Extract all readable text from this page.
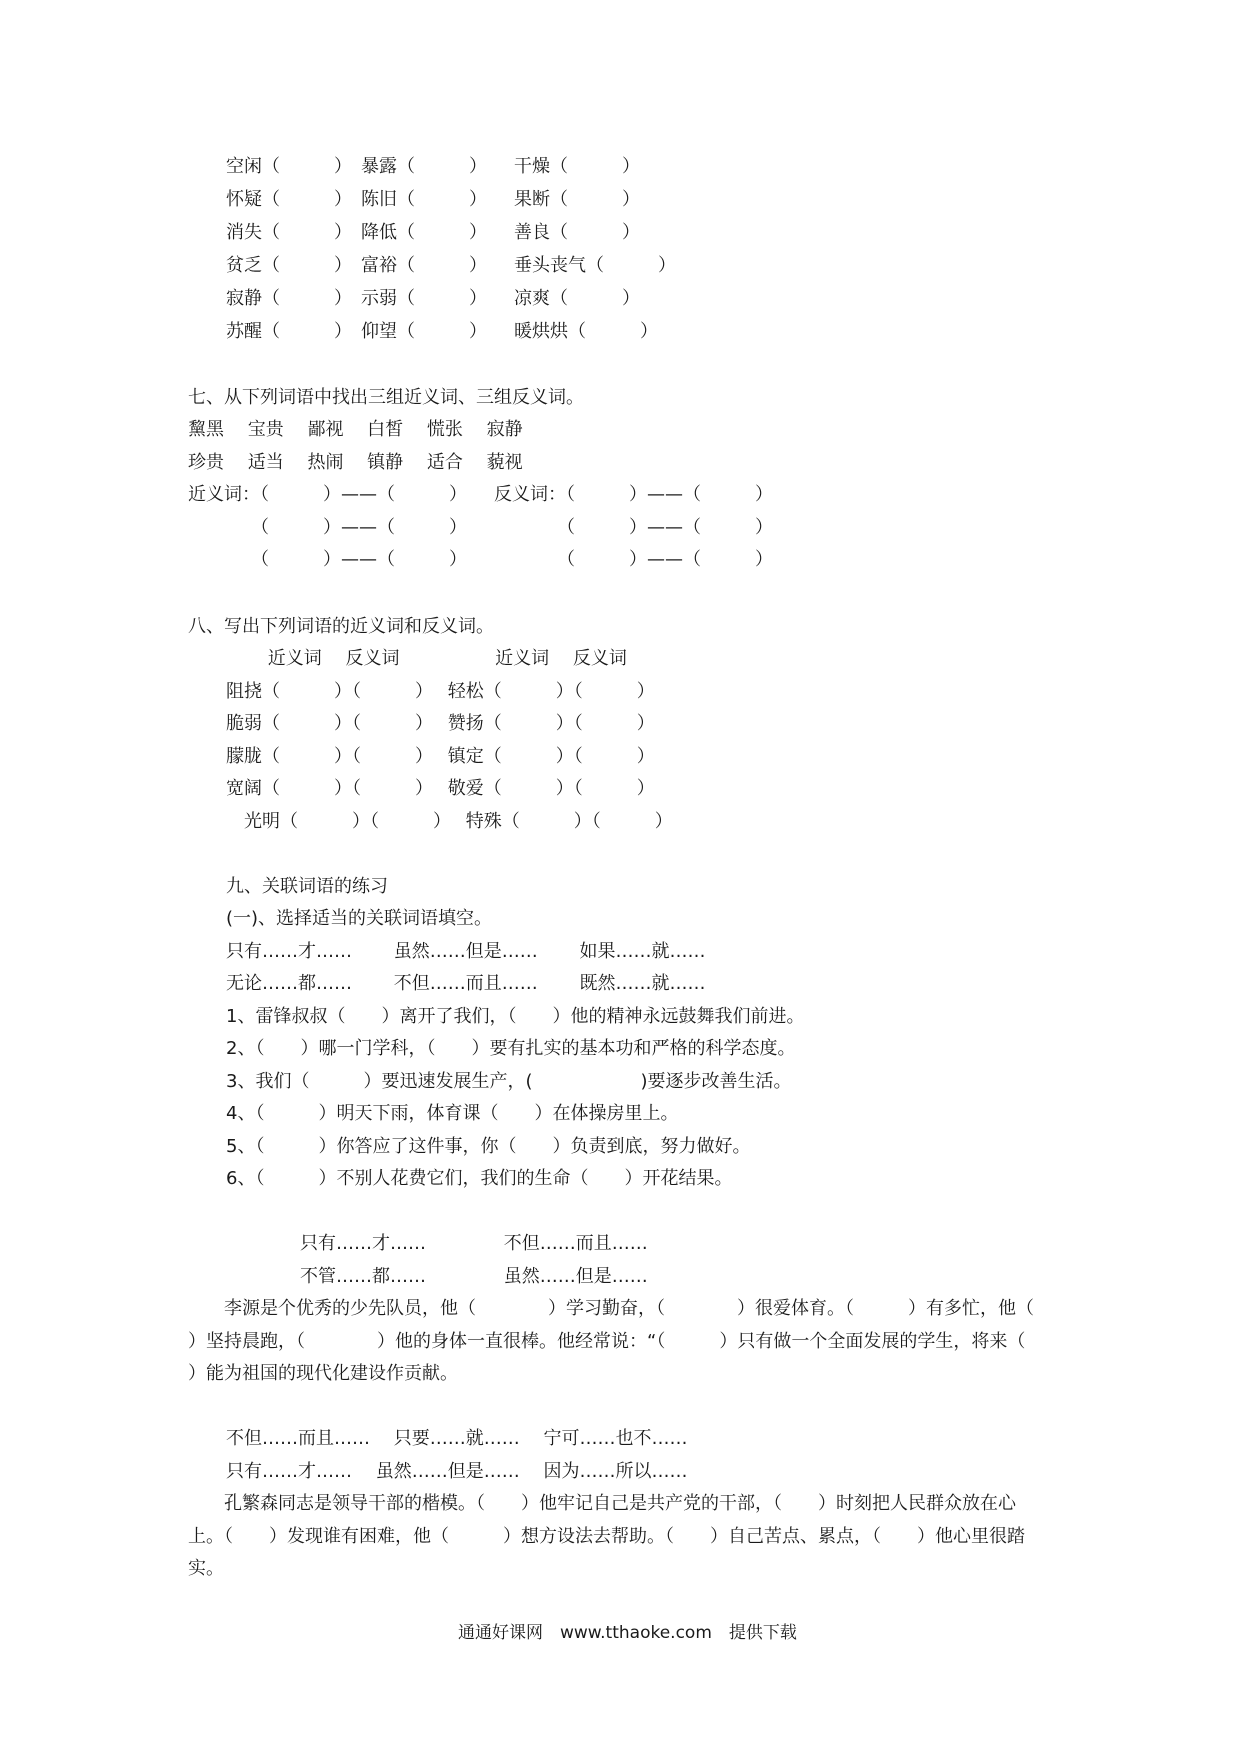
空闲（　　　）　暴露（　　　）　　干燥（　　　）
怀疑（　　　）　陈旧（　　　）　　果断（　　　）
消失（　　　）　降低（　　　）　　善良（　　　）
贫乏（　　　）　富裕（　　　）　　垂头丧气（　　　）
寂静（　　　）　示弱（　　　）　　凉爽（　　　）
苏醒（　　　）　仰望（　　　）　　暖烘烘（　　　）
七、从下列词语中找出三组近义词、三组反义词。
黧黑　 宝贵　 鄙视　 白皙　 慌张　 寂静
珍贵　 适当　 热闹　 镇静　 适合　 藐视
近义词：（　　　）——（　　　）　　反义词：（　　　）——（　　　）
　　　　（　　　）——（　　　）　　　　　　（　　　）——（　　　）
　　　　（　　　）——（　　　）　　　　　　（　　　）——（　　　）
八、写出下列词语的近义词和反义词。
　　 近义词　 反义词　　　　　 近义词　 反义词
阻挠（　　　）（　　　）　 轻松（　　　）（　　　）
脆弱（　　　）（　　　）　 赞扬（　　　）（　　　）
朦胧（　　　）（　　　）　 镇定（　　　）（　　　）
宽阔（　　　）（　　　）　 敬爱（　　　）（　　　）
　光明（　　　）（　　　）　 特殊（　　　）（　　　）
九、关联词语的练习
(一)、选择适当的关联词语填空。
只有……才……　　 虽然……但是……　　 如果……就……
无论……都……　　 不但……而且……　　 既然……就……
1、雷锋叔叔（　　）离开了我们，（　　）他的精神永远鼓舞我们前进。
2、（　　）哪一门学科，（　　）要有扎实的基本功和严格的科学态度。
3、我们（　　　）要迅速发展生产，(　　　　　　)要逐步改善生活。
4、（　　　）明天下雨，体育课（　　）在体操房里上。
5、（　　　）你答应了这件事，你（　　）负责到底，努力做好。
6、（　　　）不别人花费它们，我们的生命（　　）开花结果。
只有……才……　　　　 不但……而且……
不管……都……　　　　 虽然……但是……
　　李源是个优秀的少先队员，他（　　　　）学习勤奋，（　　　　）很爱体育。（　　　）有多忙，他（　　　）坚持晨跑，（　　　　）他的身体一直很棒。他经常说：“（　　　）只有做一个全面发展的学生，将来（　　　　）能为祖国的现代化建设作贡献。
不但……而且……　 只要……就……　 宁可……也不……
只有……才……　 虽然……但是……　 因为……所以……
　　孔繁森同志是领导干部的楷模。（　　）他牢记自己是共产党的干部，（　　）时刻把人民群众放在心上。（　　）发现谁有困难，他（　　　）想方设法去帮助。（　　）自己苦点、累点，（　　）他心里很踏实。
通通好课网　www.tthaoke.com　提供下载
